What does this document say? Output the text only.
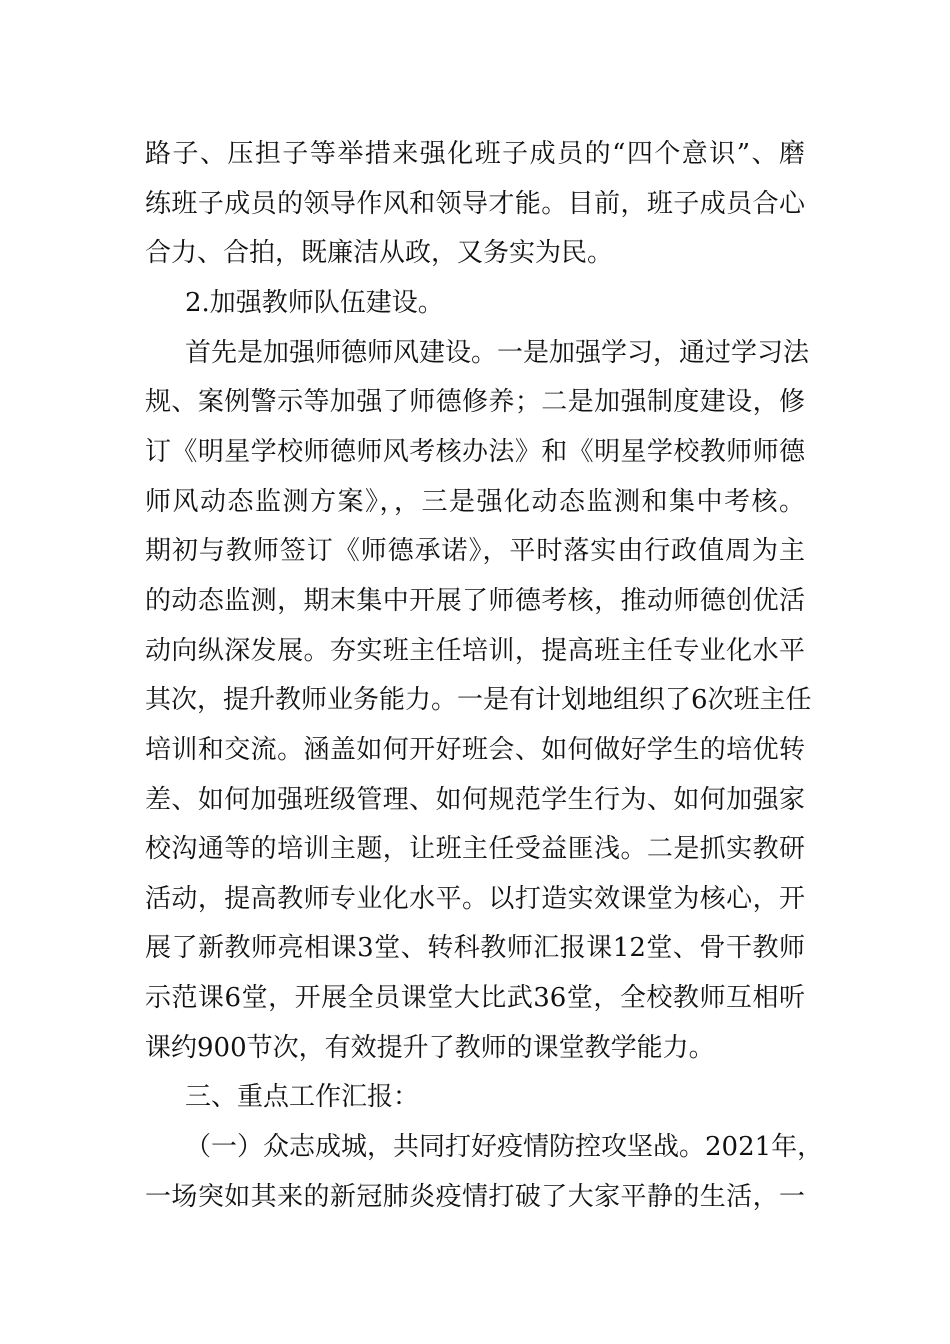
路子、压担子等举措来强化班子成员的“四个意识”、磨
练班子成员的领导作风和领导才能。目前，班子成员合心
合力、合拍，既廉洁从政，又务实为民。
2.加强教师队伍建设。
首先是加强师德师风建设。一是加强学习，通过学习法
规、案例警示等加强了师德修养；二是加强制度建设，修
订《明星学校师德师风考核办法》和《明星学校教师师德
师风动态监测方案》，，三是强化动态监测和集中考核。
期初与教师签订《师德承诺》，平时落实由行政值周为主
的动态监测，期末集中开展了师德考核，推动师德创优活
动向纵深发展。夯实班主任培训，提高班主任专业化水平
其次，提升教师业务能力。一是有计划地组织了6次班主任
培训和交流。涵盖如何开好班会、如何做好学生的培优转
差、如何加强班级管理、如何规范学生行为、如何加强家
校沟通等的培训主题，让班主任受益匪浅。二是抓实教研
活动，提高教师专业化水平。以打造实效课堂为核心，开
展了新教师亮相课3堂、转科教师汇报课12堂、骨干教师
示范课6堂，开展全员课堂大比武36堂，全校教师互相听
课约900节次，有效提升了教师的课堂教学能力。
三、重点工作汇报：
（一）众志成城，共同打好疫情防控攻坚战。2021年，
一场突如其来的新冠肺炎疫情打破了大家平静的生活，一
